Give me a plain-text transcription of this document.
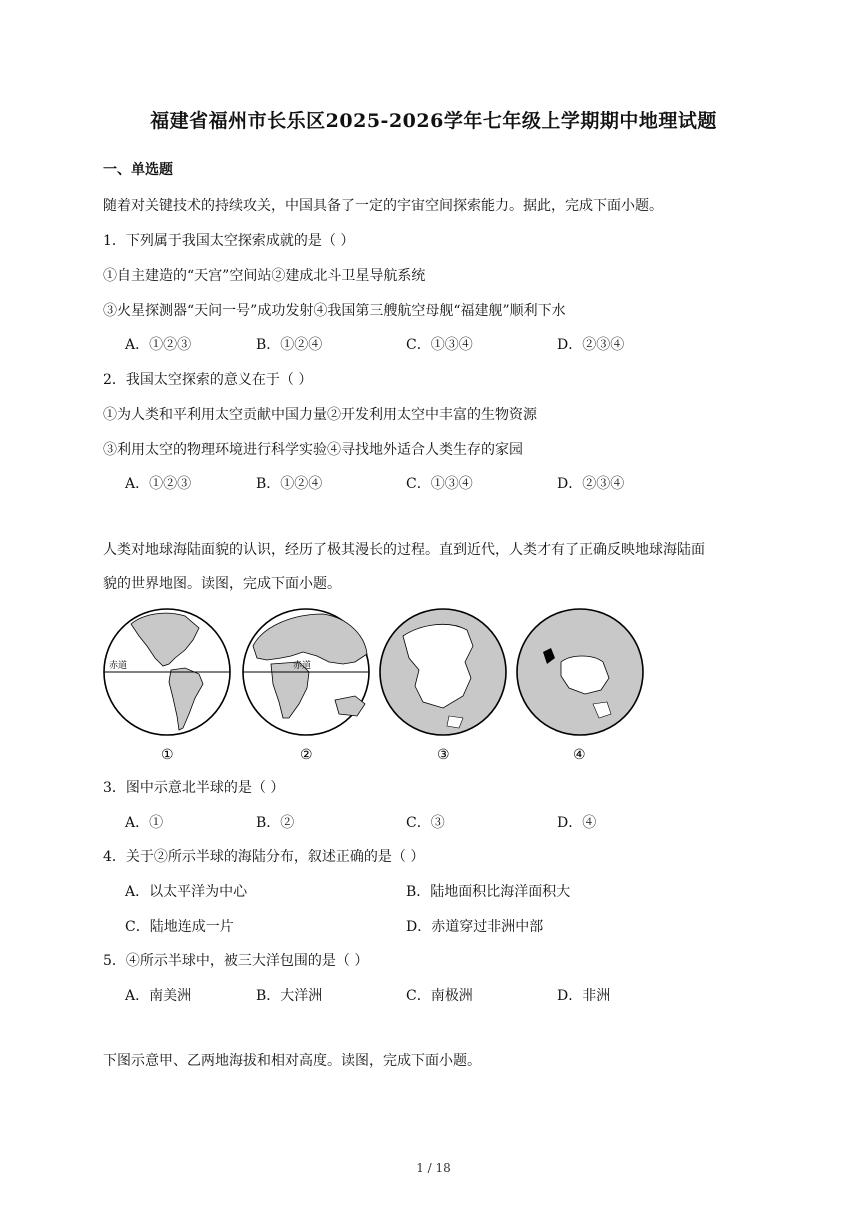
福建省福州市长乐区2025-2026学年七年级上学期期中地理试题
一、单选题
随着对关键技术的持续攻关，中国具备了一定的宇宙空间探索能力。据此，完成下面小题。
1．下列属于我国太空探索成就的是（ ）
①自主建造的“天宫”空间站②建成北斗卫星导航系统
③火星探测器“天问一号”成功发射④我国第三艘航空母舰“福建舰”顺利下水
A．①②③	B．①②④	C．①③④	D．②③④
2．我国太空探索的意义在于（ ）
①为人类和平利用太空贡献中国力量②开发利用太空中丰富的生物资源
③利用太空的物理环境进行科学实验④寻找地外适合人类生存的家园
A．①②③	B．①②④	C．①③④	D．②③④
人类对地球海陆面貌的认识，经历了极其漫长的过程。直到近代，人类才有了正确反映地球海陆面
貌的世界地图。读图，完成下面小题。
赤道	赤道
①	②	③	④
3．图中示意北半球的是（ ）
A．①	B．②	C．③	D．④
4．关于②所示半球的海陆分布，叙述正确的是（ ）
A．以太平洋为中心	B．陆地面积比海洋面积大
C．陆地连成一片	D．赤道穿过非洲中部
5．④所示半球中，被三大洋包围的是（ ）
A．南美洲	B．大洋洲	C．南极洲	D．非洲
下图示意甲、乙两地海拔和相对高度。读图，完成下面小题。
1 / 18
